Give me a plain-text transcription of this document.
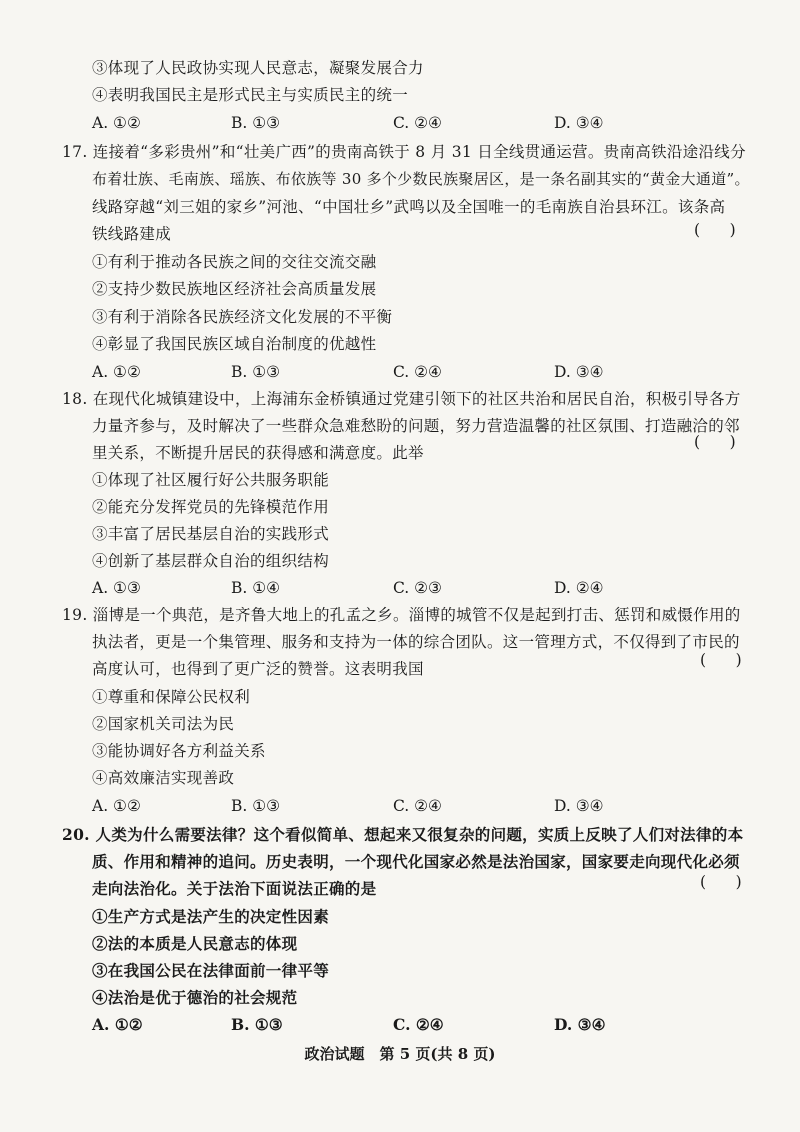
③体现了人民政协实现人民意志，凝聚发展合力
④表明我国民主是形式民主与实质民主的统一
A. ①②	B. ①③	C. ②④	D. ③④
17. 连接着“多彩贵州”和“壮美广西”的贵南高铁于 8 月 31 日全线贯通运营。贵南高铁沿途沿线分
布着壮族、毛南族、瑶族、布依族等 30 多个少数民族聚居区，是一条名副其实的“黄金大通道”。
线路穿越“刘三姐的家乡”河池、“中国壮乡”武鸣以及全国唯一的毛南族自治县环江。该条高
铁线路建成	(      )
①有利于推动各民族之间的交往交流交融
②支持少数民族地区经济社会高质量发展
③有利于消除各民族经济文化发展的不平衡
④彰显了我国民族区域自治制度的优越性
A. ①②	B. ①③	C. ②④	D. ③④
18. 在现代化城镇建设中，上海浦东金桥镇通过党建引领下的社区共治和居民自治，积极引导各方
力量齐参与，及时解决了一些群众急难愁盼的问题，努力营造温馨的社区氛围、打造融洽的邻
里关系，不断提升居民的获得感和满意度。此举
(      )
①体现了社区履行好公共服务职能
②能充分发挥党员的先锋模范作用
③丰富了居民基层自治的实践形式
④创新了基层群众自治的组织结构
A. ①③	B. ①④	C. ②③	D. ②④
19. 淄博是一个典范，是齐鲁大地上的孔孟之乡。淄博的城管不仅是起到打击、惩罚和威慑作用的
执法者，更是一个集管理、服务和支持为一体的综合团队。这一管理方式，不仅得到了市民的
高度认可，也得到了更广泛的赞誉。这表明我国	(      )
①尊重和保障公民权利
②国家机关司法为民
③能协调好各方利益关系
④高效廉洁实现善政
A. ①②	B. ①③	C. ②④	D. ③④
20. 人类为什么需要法律？这个看似简单、想起来又很复杂的问题，实质上反映了人们对法律的本
质、作用和精神的追问。历史表明，一个现代化国家必然是法治国家，国家要走向现代化必须
走向法治化。关于法治下面说法正确的是	(      )
①生产方式是法产生的决定性因素
②法的本质是人民意志的体现
③在我国公民在法律面前一律平等
④法治是优于德治的社会规范
A. ①②	B. ①③	C. ②④	D. ③④
政治试题　第 5 页(共 8 页)
